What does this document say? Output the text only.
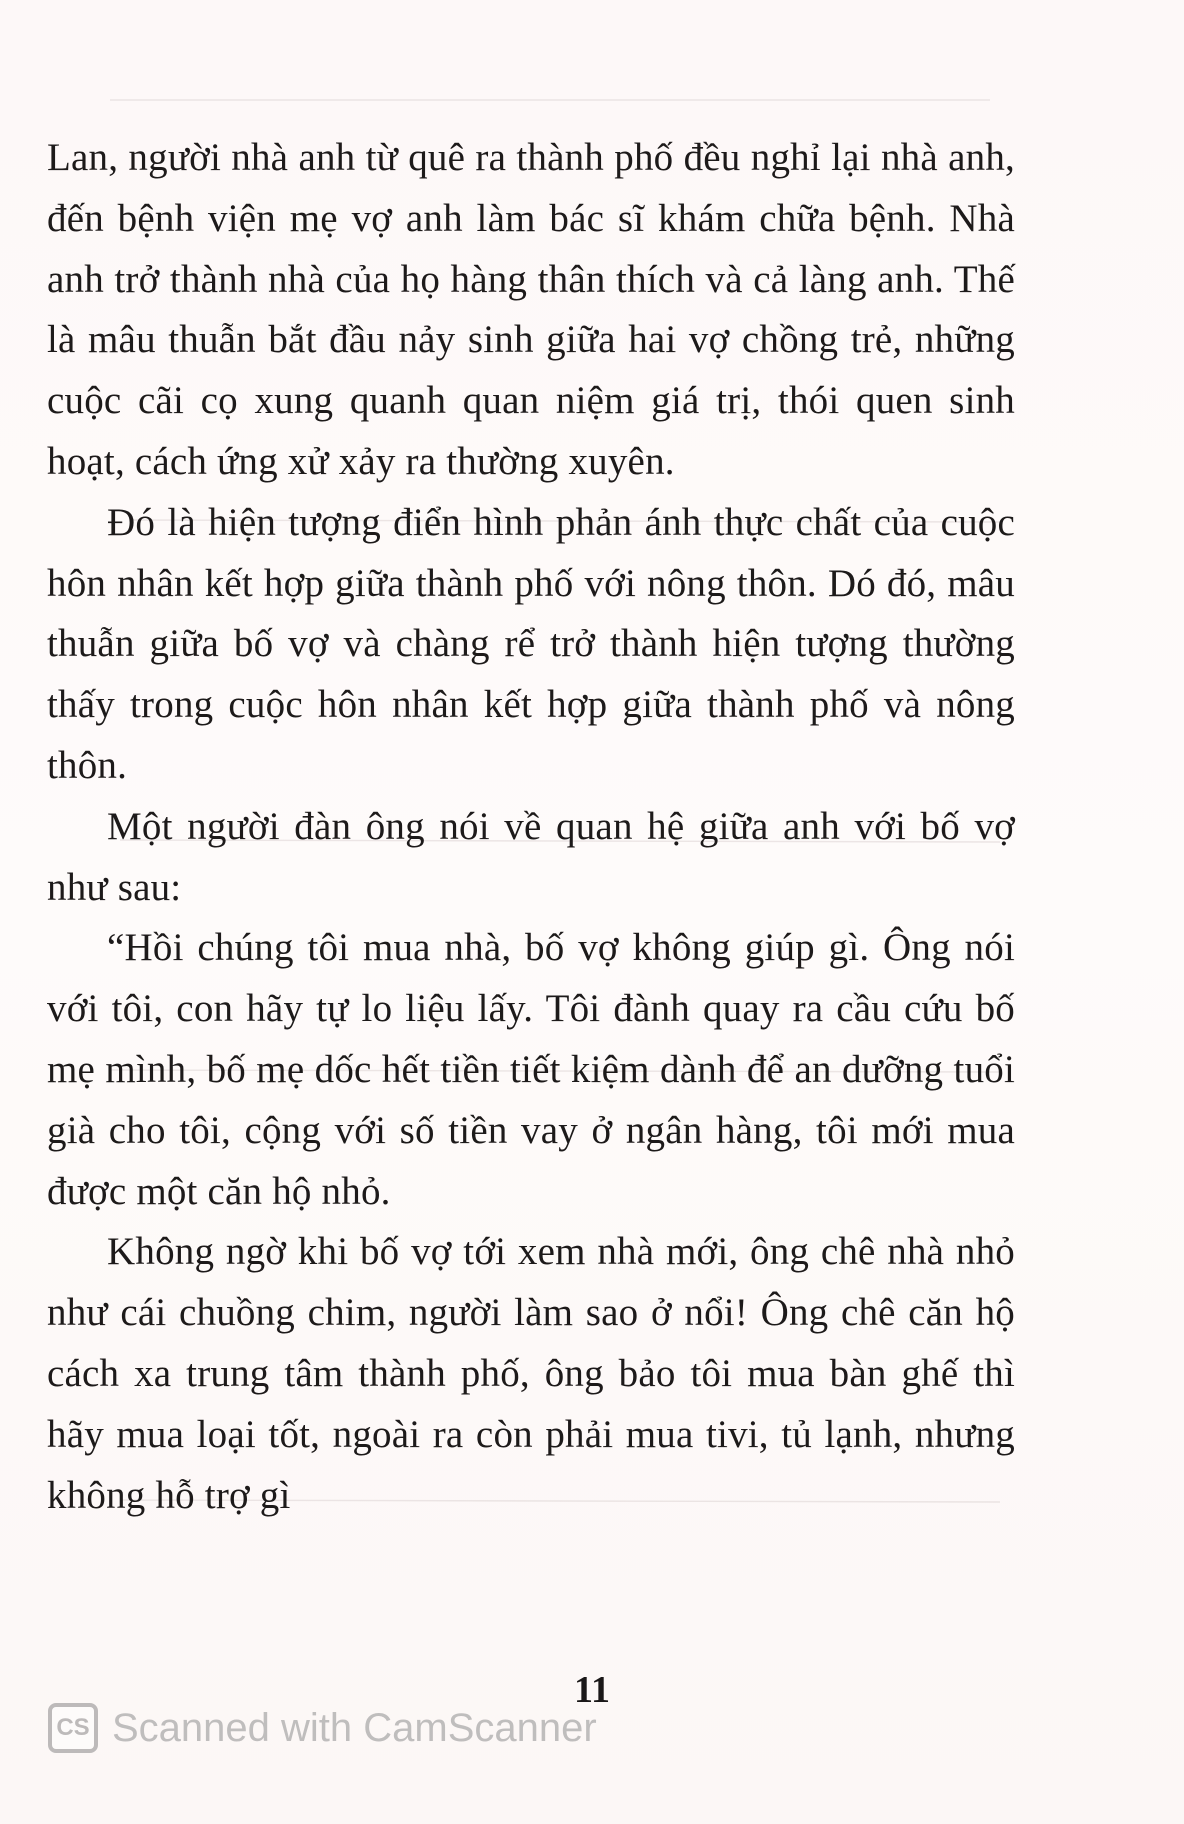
Lan, người nhà anh từ quê ra thành phố đều nghỉ lại nhà anh, đến bệnh viện mẹ vợ anh làm bác sĩ khám chữa bệnh. Nhà anh trở thành nhà của họ hàng thân thích và cả làng anh. Thế là mâu thuẫn bắt đầu nảy sinh giữa hai vợ chồng trẻ, những cuộc cãi cọ xung quanh quan niệm giá trị, thói quen sinh hoạt, cách ứng xử xảy ra thường xuyên.

Đó là hiện tượng điển hình phản ánh thực chất của cuộc hôn nhân kết hợp giữa thành phố với nông thôn. Dó đó, mâu thuẫn giữa bố vợ và chàng rể trở thành hiện tượng thường thấy trong cuộc hôn nhân kết hợp giữa thành phố và nông thôn.

Một người đàn ông nói về quan hệ giữa anh với bố vợ như sau:

“Hồi chúng tôi mua nhà, bố vợ không giúp gì. Ông nói với tôi, con hãy tự lo liệu lấy. Tôi đành quay ra cầu cứu bố mẹ mình, bố mẹ dốc hết tiền tiết kiệm dành để an dưỡng tuổi già cho tôi, cộng với số tiền vay ở ngân hàng, tôi mới mua được một căn hộ nhỏ.

Không ngờ khi bố vợ tới xem nhà mới, ông chê nhà nhỏ như cái chuồng chim, người làm sao ở nổi! Ông chê căn hộ cách xa trung tâm thành phố, ông bảo tôi mua bàn ghế thì hãy mua loại tốt, ngoài ra còn phải mua tivi, tủ lạnh, nhưng không hỗ trợ gì

11
CS Scanned with CamScanner
